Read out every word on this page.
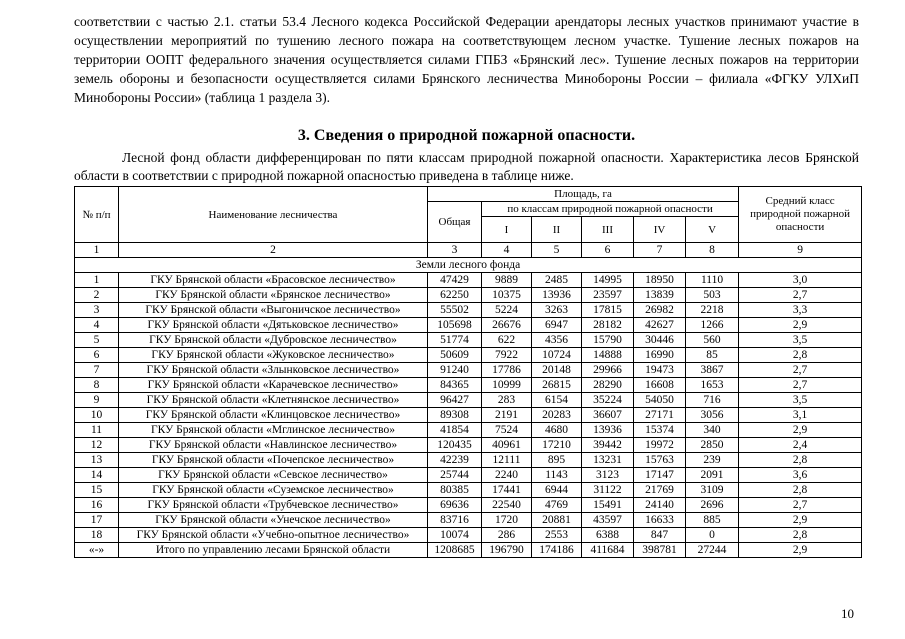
соответствии с частью 2.1. статьи 53.4 Лесного кодекса Российской Федерации арендаторы лесных участков принимают участие в осуществлении мероприятий по тушению лесного пожара на соответствующем лесном участке. Тушение лесных пожаров на территории ООПТ федерального значения осуществляется силами ГПБЗ «Брянский лес». Тушение лесных пожаров на территории земель обороны и безопасности осуществляется силами Брянского лесничества Минобороны России – филиала «ФГКУ УЛХиП Минобороны России» (таблица 1 раздела 3).

3. Сведения о природной пожарной опасности.

Лесной фонд области дифференцирован по пяти классам природной пожарной опасности. Характеристика лесов Брянской области в соответствии с природной пожарной опасностью приведена в таблице ниже.

№ п/п	Наименование лесничества	Площадь, га						Средний класс природной пожарной опасности
		Общая	по классам природной пожарной опасности					
			I	II	III	IV	V	
1	2	3	4	5	6	7	8	9
Земли лесного фонда								
1	ГКУ Брянской области «Брасовское лесничество»	47429	9889	2485	14995	18950	1110	3,0
2	ГКУ Брянской области «Брянское лесничество»	62250	10375	13936	23597	13839	503	2,7
3	ГКУ Брянской области «Выгоничское лесничество»	55502	5224	3263	17815	26982	2218	3,3
4	ГКУ Брянской области «Дятьковское лесничество»	105698	26676	6947	28182	42627	1266	2,9
5	ГКУ Брянской области «Дубровское лесничество»	51774	622	4356	15790	30446	560	3,5
6	ГКУ Брянской области «Жуковское лесничество»	50609	7922	10724	14888	16990	85	2,8
7	ГКУ Брянской области «Злынковское лесничество»	91240	17786	20148	29966	19473	3867	2,7
8	ГКУ Брянской области «Карачевское лесничество»	84365	10999	26815	28290	16608	1653	2,7
9	ГКУ Брянской области «Клетнянское лесничество»	96427	283	6154	35224	54050	716	3,5
10	ГКУ Брянской области «Клинцовское лесничество»	89308	2191	20283	36607	27171	3056	3,1
11	ГКУ Брянской области «Мглинское лесничество»	41854	7524	4680	13936	15374	340	2,9
12	ГКУ Брянской области «Навлинское лесничество»	120435	40961	17210	39442	19972	2850	2,4
13	ГКУ Брянской области «Почепское лесничество»	42239	12111	895	13231	15763	239	2,8
14	ГКУ Брянской области «Севское лесничество»	25744	2240	1143	3123	17147	2091	3,6
15	ГКУ Брянской области «Суземское лесничество»	80385	17441	6944	31122	21769	3109	2,8
16	ГКУ Брянской области «Трубчевское лесничество»	69636	22540	4769	15491	24140	2696	2,7
17	ГКУ Брянской области «Унечское лесничество»	83716	1720	20881	43597	16633	885	2,9
18	ГКУ Брянской области «Учебно-опытное лесничество»	10074	286	2553	6388	847	0	2,8
«-»	Итого по управлению лесами Брянской области	1208685	196790	174186	411684	398781	27244	2,9
10
